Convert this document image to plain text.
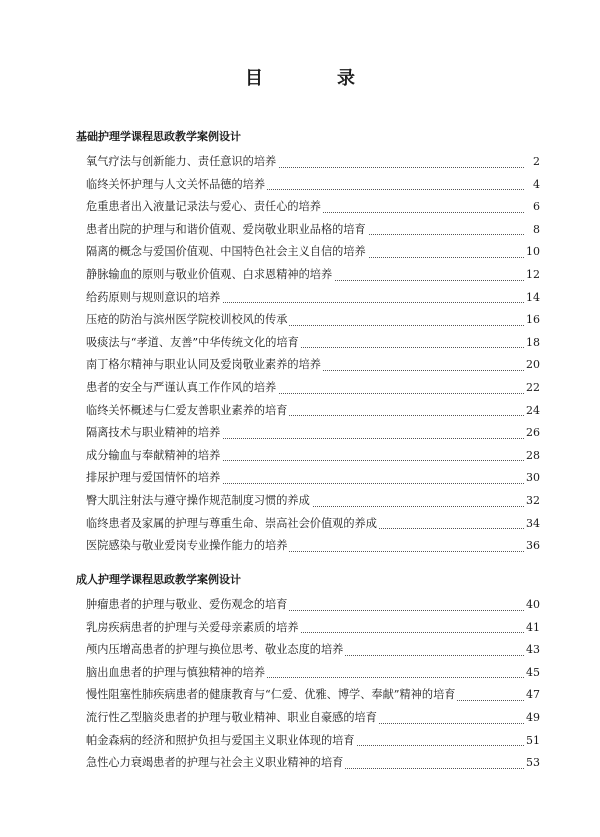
目　录
基础护理学课程思政教学案例设计
氧气疗法与创新能力、责任意识的培养	2
临终关怀护理与人文关怀品德的培养	4
危重患者出入液量记录法与爱心、责任心的培养	6
患者出院的护理与和谐价值观、爱岗敬业职业品格的培育	8
隔离的概念与爱国价值观、中国特色社会主义自信的培养	10
静脉输血的原则与敬业价值观、白求恩精神的培养	12
给药原则与规则意识的培养	14
压疮的防治与滨州医学院校训校风的传承	16
吸痰法与“孝道、友善”中华传统文化的培育	18
南丁格尔精神与职业认同及爱岗敬业素养的培养	20
患者的安全与严谨认真工作作风的培养	22
临终关怀概述与仁爱友善职业素养的培育	24
隔离技术与职业精神的培养	26
成分输血与奉献精神的培养	28
排尿护理与爱国情怀的培养	30
臀大肌注射法与遵守操作规范制度习惯的养成	32
临终患者及家属的护理与尊重生命、崇高社会价值观的养成	34
医院感染与敬业爱岗专业操作能力的培养	36
成人护理学课程思政教学案例设计
肿瘤患者的护理与敬业、爱伤观念的培育	40
乳房疾病患者的护理与关爱母亲素质的培养	41
颅内压增高患者的护理与换位思考、敬业态度的培养	43
脑出血患者的护理与慎独精神的培养	45
慢性阻塞性肺疾病患者的健康教育与“仁爱、优雅、博学、奉献”精神的培育	47
流行性乙型脑炎患者的护理与敬业精神、职业自豪感的培育	49
帕金森病的经济和照护负担与爱国主义职业体现的培育	51
急性心力衰竭患者的护理与社会主义职业精神的培育	53
